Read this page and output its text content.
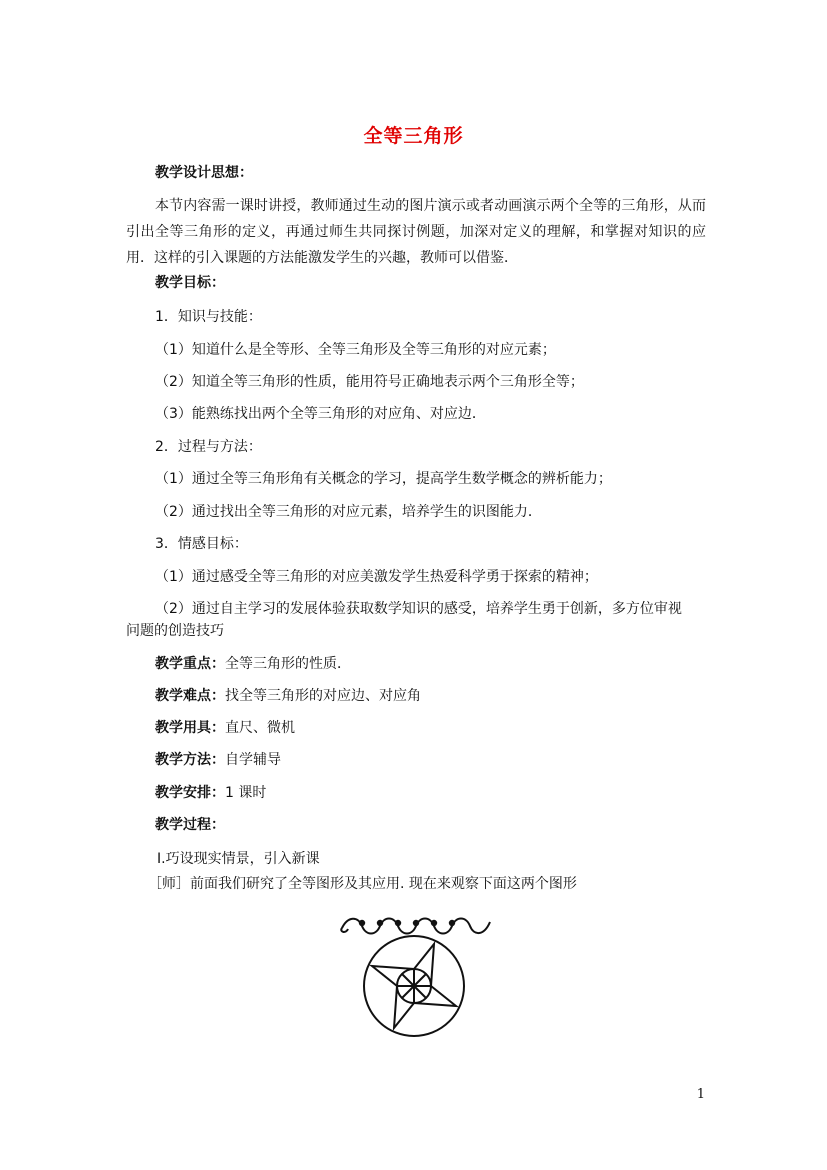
全等三角形
教学设计思想：
本节内容需一课时讲授，教师通过生动的图片演示或者动画演示两个全等的三角形，从而引出全等三角形的定义，再通过师生共同探讨例题，加深对定义的理解，和掌握对知识的应用．这样的引入课题的方法能激发学生的兴趣，教师可以借鉴．
教学目标：
1．知识与技能：
（1）知道什么是全等形、全等三角形及全等三角形的对应元素；
（2）知道全等三角形的性质，能用符号正确地表示两个三角形全等；
（3）能熟练找出两个全等三角形的对应角、对应边．
2．过程与方法：
（1）通过全等三角形角有关概念的学习，提高学生数学概念的辨析能力；
（2）通过找出全等三角形的对应元素，培养学生的识图能力．
3．情感目标：
（1）通过感受全等三角形的对应美激发学生热爱科学勇于探索的精神；
（2）通过自主学习的发展体验获取数学知识的感受，培养学生勇于创新，多方位审视
问题的创造技巧
教学重点：全等三角形的性质．
教学难点：找全等三角形的对应边、对应角
教学用具：直尺、微机
教学方法：自学辅导
教学安排：1 课时
教学过程：
Ⅰ.巧设现实情景，引入新课
［师］前面我们研究了全等图形及其应用. 现在来观察下面这两个图形
1
